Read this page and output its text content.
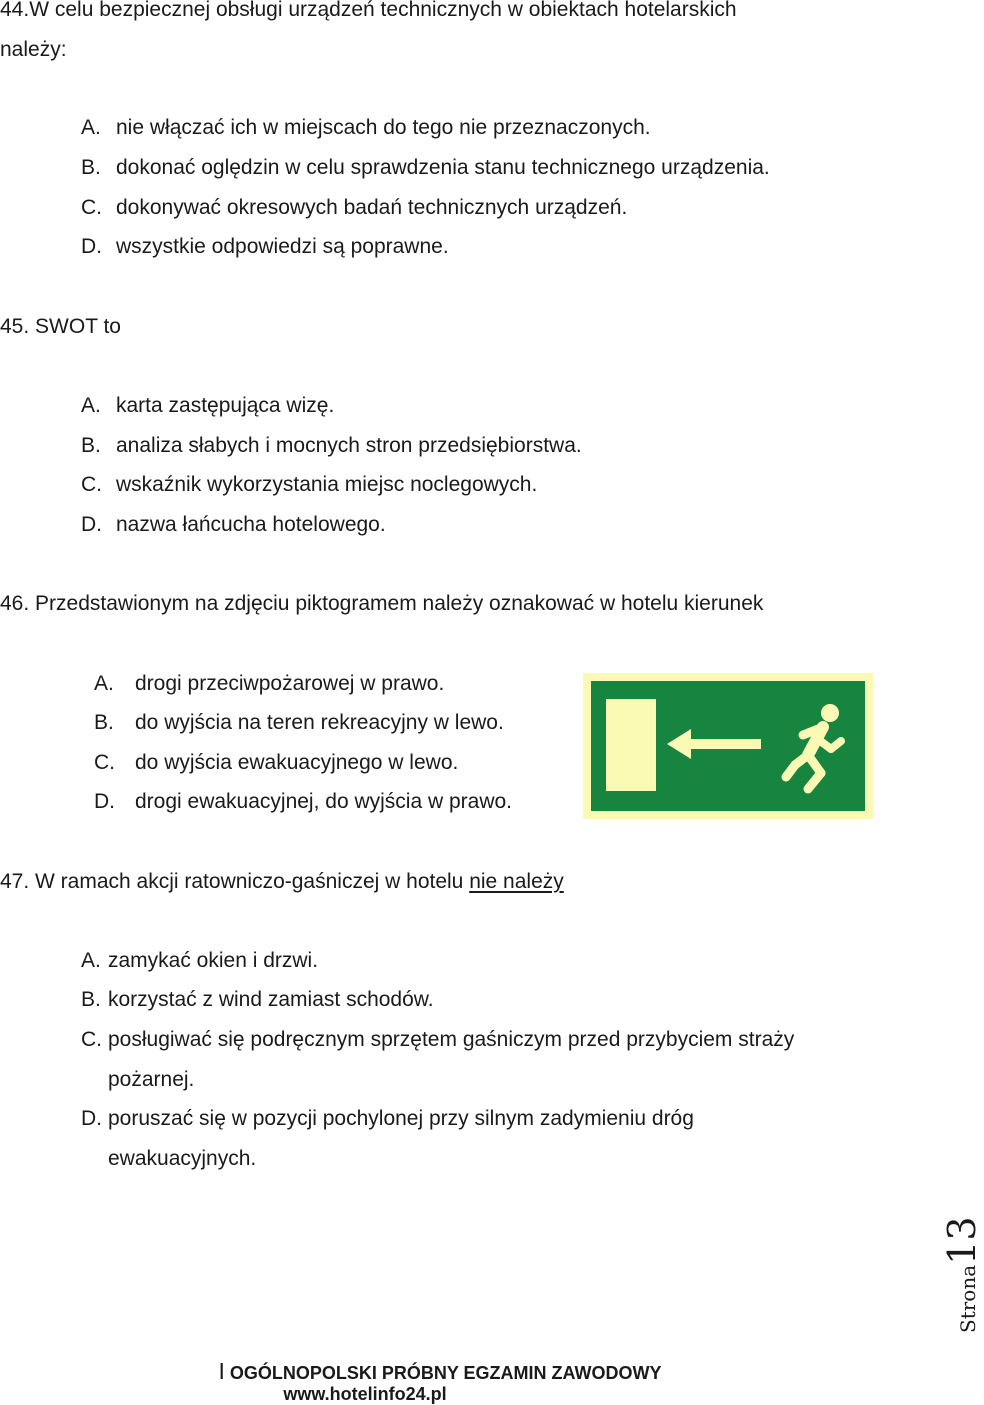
44.W celu bezpiecznej obsługi urządzeń technicznych w obiektach hotelarskich
należy:
A. nie włączać ich w miejscach do tego nie przeznaczonych.
B. dokonać oględzin w celu sprawdzenia stanu technicznego urządzenia.
C. dokonywać okresowych badań technicznych urządzeń.
D. wszystkie odpowiedzi są poprawne.
45. SWOT to
A. karta zastępująca wizę.
B. analiza słabych i mocnych stron przedsiębiorstwa.
C. wskaźnik wykorzystania miejsc noclegowych.
D. nazwa łańcucha hotelowego.
46. Przedstawionym na zdjęciu piktogramem należy oznakować w hotelu kierunek
A. drogi przeciwpożarowej w prawo.
B. do wyjścia na teren rekreacyjny w lewo.
C. do wyjścia ewakuacyjnego w lewo.
D. drogi ewakuacyjnej, do wyjścia w prawo.
47. W ramach akcji ratowniczo-gaśniczej w hotelu nie należy
A. zamykać okien i drzwi.
B. korzystać z wind zamiast schodów.
C. posługiwać się podręcznym sprzętem gaśniczym przed przybyciem straży
pożarnej.
D. poruszać się w pozycji pochylonej przy silnym zadymieniu dróg
ewakuacyjnych.
Strona13
I OGÓLNOPOLSKI PRÓBNY EGZAMIN ZAWODOWY
www.hotelinfo24.pl
